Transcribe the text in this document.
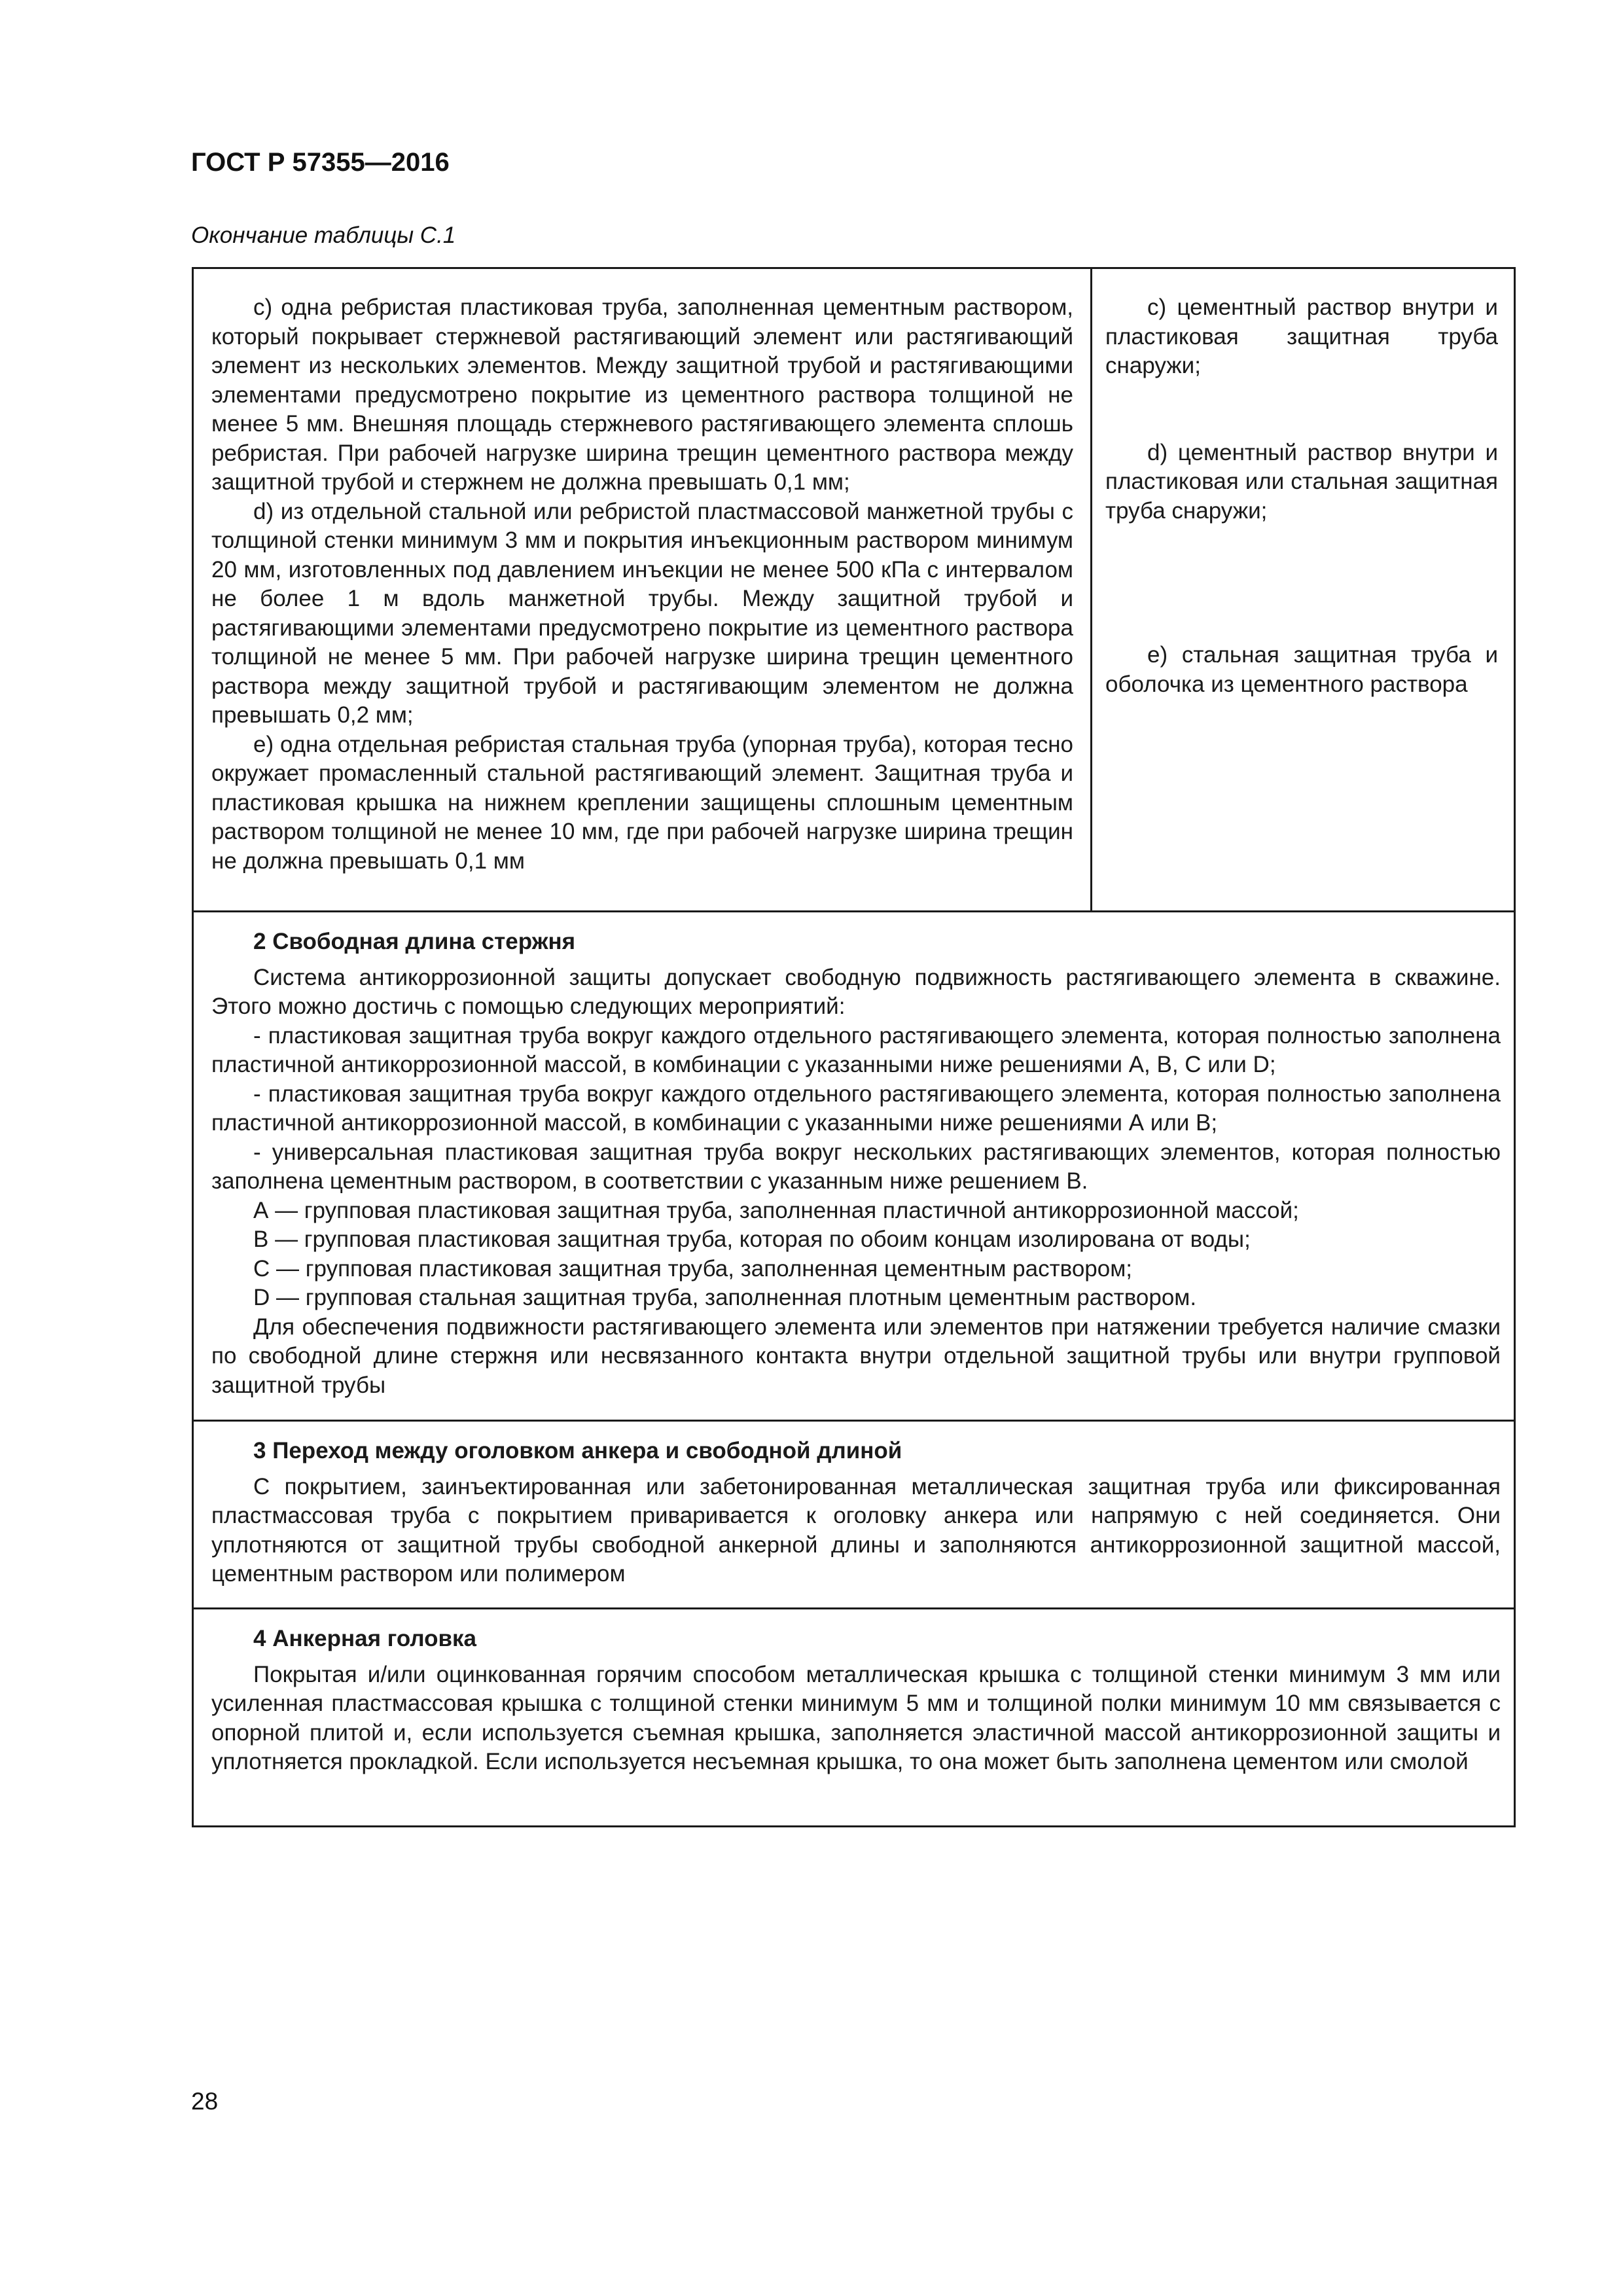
ГОСТ Р 57355—2016
Окончание таблицы С.1

c) одна ребристая пластиковая труба, заполненная цементным раствором, который покрывает стержневой растягивающий элемент или растягивающий элемент из нескольких элементов. Между защитной трубой и растягивающими элементами предусмотрено покрытие из цементного раствора толщиной не менее 5 мм. Внешняя площадь стержневого растягивающего элемента сплошь ребристая. При рабочей нагрузке ширина трещин цементного раствора между защитной трубой и стержнем не должна превышать 0,1 мм;

d) из отдельной стальной или ребристой пластмассовой манжетной трубы с толщиной стенки минимум 3 мм и покрытия инъекционным раствором минимум 20 мм, изготовленных под давлением инъекции не менее 500 кПа с интервалом не более 1 м вдоль манжетной трубы. Между защитной трубой и растягивающими элементами предусмотрено покрытие из цементного раствора толщиной не менее 5 мм. При рабочей нагрузке ширина трещин цементного раствора между защитной трубой и растягивающим элементом не должна превышать 0,2 мм;

e) одна отдельная ребристая стальная труба (упорная труба), которая тесно окружает промасленный стальной растягивающий элемент. Защитная труба и пластиковая крышка на нижнем креплении защищены сплошным цементным раствором толщиной не менее 10 мм, где при рабочей нагрузке ширина трещин не должна превышать 0,1 мм

c) цементный раствор внутри и пластиковая защитная труба снаружи;

d) цементный раствор внутри и пластиковая или стальная защитная труба снаружи;

e) стальная защитная труба и оболочка из цементного раствора

2 Свободная длина стержня

Система антикоррозионной защиты допускает свободную подвижность растягивающего элемента в скважине. Этого можно достичь с помощью следующих мероприятий:

- пластиковая защитная труба вокруг каждого отдельного растягивающего элемента, которая полностью заполнена пластичной антикоррозионной массой, в комбинации с указанными ниже решениями А, В, С или D;

- пластиковая защитная труба вокруг каждого отдельного растягивающего элемента, которая полностью заполнена пластичной антикоррозионной массой, в комбинации с указанными ниже решениями А или В;

- универсальная пластиковая защитная труба вокруг нескольких растягивающих элементов, которая полностью заполнена цементным раствором, в соответствии с указанным ниже решением В.

А — групповая пластиковая защитная труба, заполненная пластичной антикоррозионной массой;

В — групповая пластиковая защитная труба, которая по обоим концам изолирована от воды;

С — групповая пластиковая защитная труба, заполненная цементным раствором;

D — групповая стальная защитная труба, заполненная плотным цементным раствором.

Для обеспечения подвижности растягивающего элемента или элементов при натяжении требуется наличие смазки по свободной длине стержня или несвязанного контакта внутри отдельной защитной трубы или внутри групповой защитной трубы

3 Переход между оголовком анкера и свободной длиной

С покрытием, заинъектированная или забетонированная металлическая защитная труба или фиксированная пластмассовая труба с покрытием приваривается к оголовку анкера или напрямую с ней соединяется. Они уплотняются от защитной трубы свободной анкерной длины и заполняются антикоррозионной защитной массой, цементным раствором или полимером

4 Анкерная головка

Покрытая и/или оцинкованная горячим способом металлическая крышка с толщиной стенки минимум 3 мм или усиленная пластмассовая крышка с толщиной стенки минимум 5 мм и толщиной полки минимум 10 мм связывается с опорной плитой и, если используется съемная крышка, заполняется эластичной массой антикоррозионной защиты и уплотняется прокладкой. Если используется несъемная крышка, то она может быть заполнена цементом или смолой

28
